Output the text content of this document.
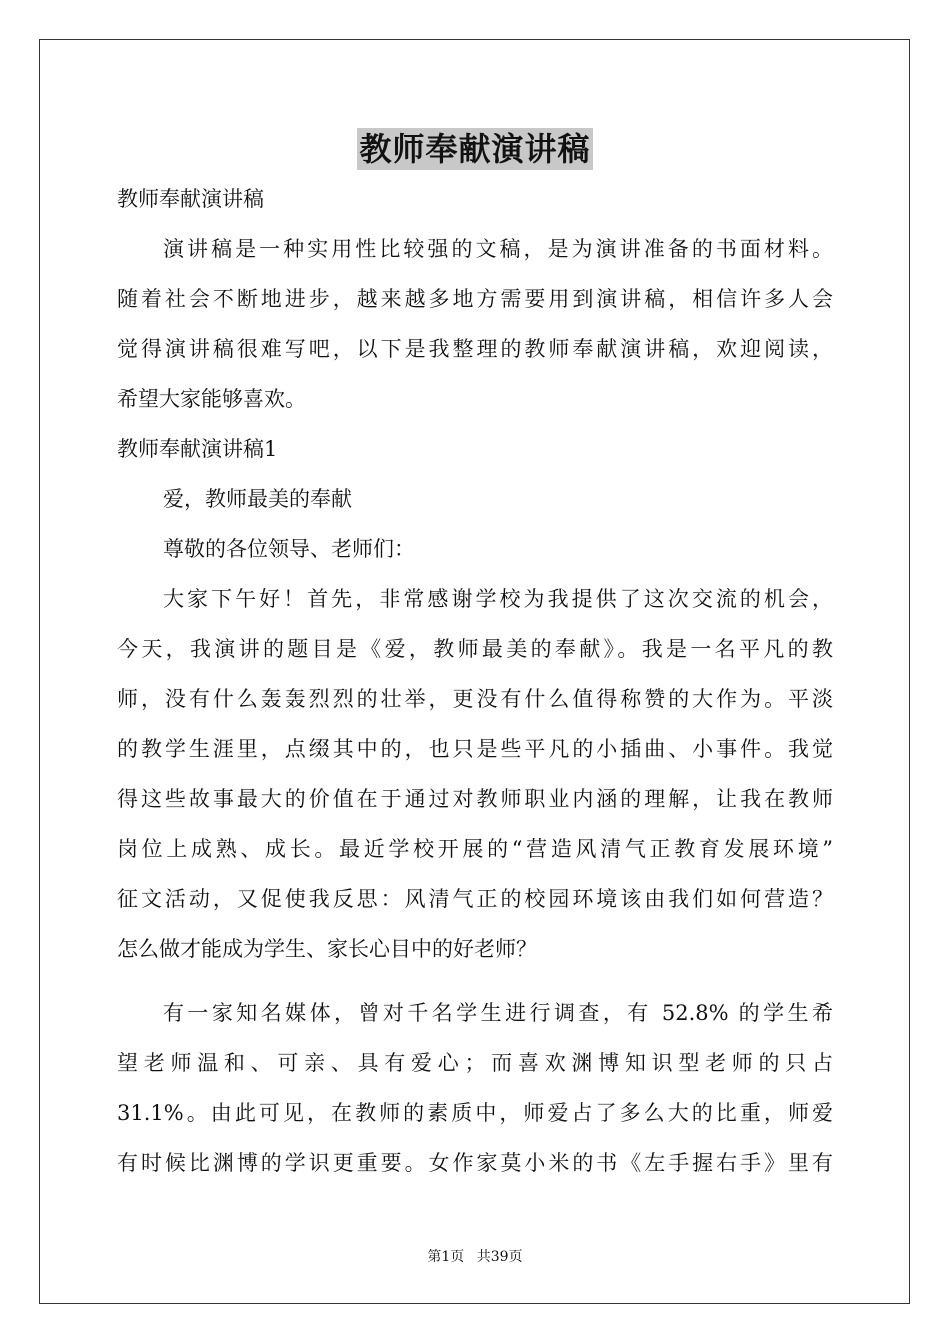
教师奉献演讲稿
教师奉献演讲稿
演讲稿是一种实用性比较强的文稿，是为演讲准备的书面材料。
随着社会不断地进步，越来越多地方需要用到演讲稿，相信许多人会
觉得演讲稿很难写吧，以下是我整理的教师奉献演讲稿，欢迎阅读，
希望大家能够喜欢。
教师奉献演讲稿1
爱，教师最美的奉献
尊敬的各位领导、老师们：
大家下午好！首先，非常感谢学校为我提供了这次交流的机会，
今天，我演讲的题目是《爱，教师最美的奉献》。我是一名平凡的教
师，没有什么轰轰烈烈的壮举，更没有什么值得称赞的大作为。平淡
的教学生涯里，点缀其中的，也只是些平凡的小插曲、小事件。我觉
得这些故事最大的价值在于通过对教师职业内涵的理解，让我在教师
岗位上成熟、成长。最近学校开展的“营造风清气正教育发展环境”
征文活动，又促使我反思：风清气正的校园环境该由我们如何营造？
怎么做才能成为学生、家长心目中的好老师？
有一家知名媒体，曾对千名学生进行调查，有 52.8% 的学生希
望老师温和、可亲、具有爱心；而喜欢渊博知识型老师的只占
31.1%。由此可见，在教师的素质中，师爱占了多么大的比重，师爱
有时候比渊博的学识更重要。女作家莫小米的书《左手握右手》里有
第1页 共39页
